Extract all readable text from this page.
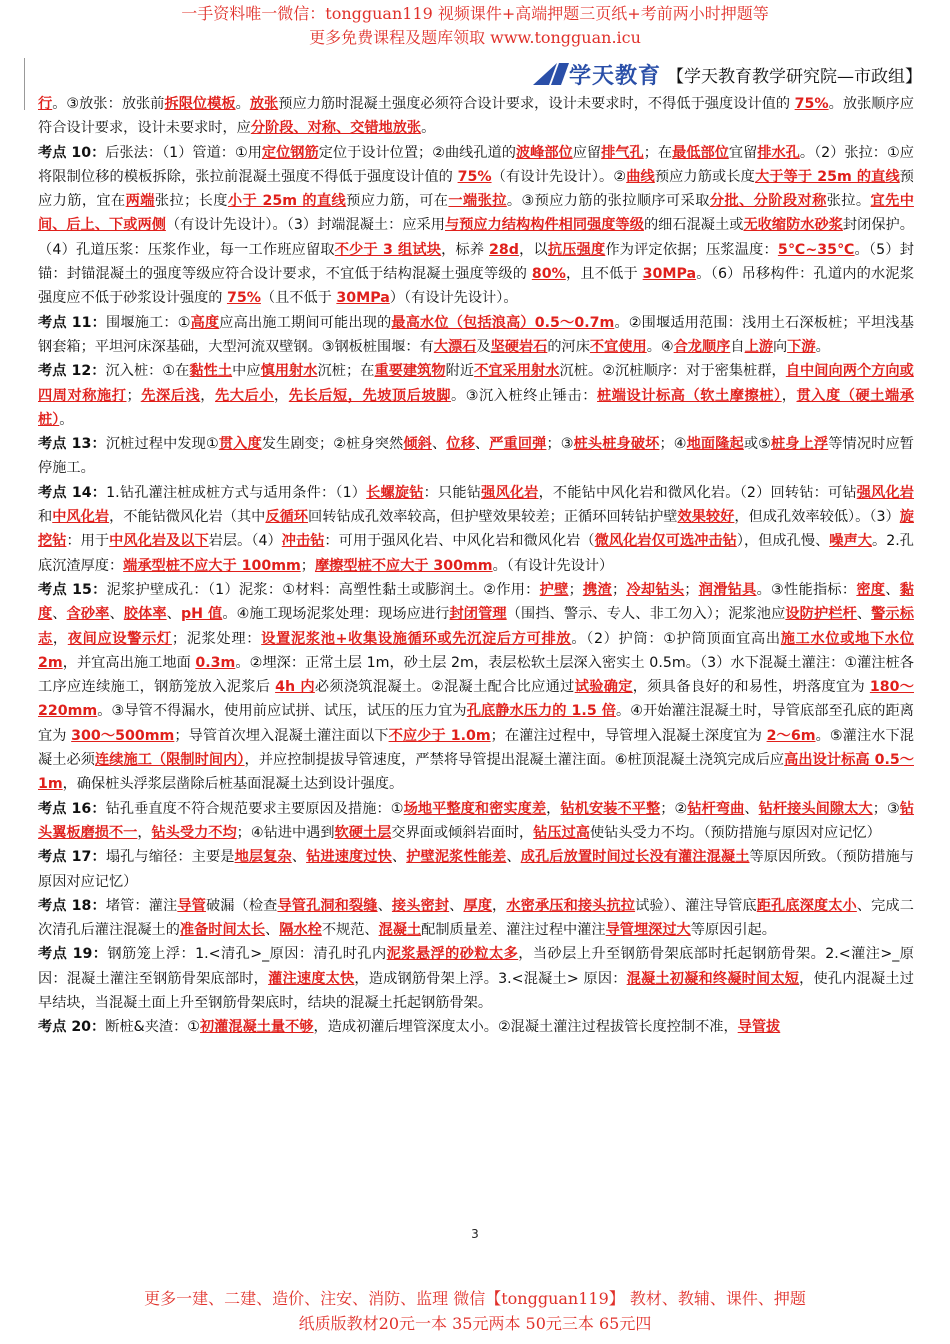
一手资料唯一微信：tongguan119 视频课件+高端押题三页纸+考前两小时押题等
更多免费课程及题库领取 www.tongguan.icu
学天教育 【学天教育教学研究院—市政组】

行。③放张：放张前拆限位模板。放张预应力筋时混凝土强度必须符合设计要求，设计未要求时，不得低于强度设计值的 75%。放张顺序应符合设计要求，设计未要求时，应分阶段、对称、交错地放张。

考点 10：后张法：（1）管道：①用定位钢筋定位于设计位置；②曲线孔道的波峰部位应留排气孔；在最低部位宜留排水孔。（2）张拉：①应将限制位移的模板拆除，张拉前混凝土强度不得低于强度设计值的 75%（有设计先设计）。②曲线预应力筋或长度大于等于 25m 的直线预应力筋，宜在两端张拉；长度小于 25m 的直线预应力筋，可在一端张拉。③预应力筋的张拉顺序可采取分批、分阶段对称张拉。宜先中间、后上、下或两侧（有设计先设计）。（3）封端混凝土：应采用与预应力结构构件相同强度等级的细石混凝土或无收缩防水砂浆封闭保护。（4）孔道压浆：压浆作业，每一工作班应留取不少于 3 组试块，标养 28d，以抗压强度作为评定依据；压浆温度：5℃~35℃。（5）封锚：封锚混凝土的强度等级应符合设计要求，不宜低于结构混凝土强度等级的 80%，且不低于 30MPa。（6）吊移构件：孔道内的水泥浆强度应不低于砂浆设计强度的 75%（且不低于 30MPa）（有设计先设计）。

考点 11：围堰施工：①高度应高出施工期间可能出现的最高水位（包括浪高）0.5～0.7m。②围堰适用范围：浅用土石深板桩；平坦浅基钢套箱；平坦河床深基础，大型河流双壁钢。③钢板桩围堰：有大漂石及坚硬岩石的河床不宜使用。④合龙顺序自上游向下游。

考点 12：沉入桩：①在黏性土中应慎用射水沉桩；在重要建筑物附近不宜采用射水沉桩。②沉桩顺序：对于密集桩群，自中间向两个方向或四周对称施打；先深后浅，先大后小，先长后短，先坡顶后坡脚。③沉入桩终止锤击：桩端设计标高（软土摩擦桩），贯入度（硬土端承桩）。

考点 13：沉桩过程中发现①贯入度发生剧变；②桩身突然倾斜、位移、严重回弹；③桩头桩身破坏；④地面隆起或⑤桩身上浮等情况时应暂停施工。

考点 14：1.钻孔灌注桩成桩方式与适用条件：（1）长螺旋钻：只能钻强风化岩，不能钻中风化岩和微风化岩。（2）回转钻：可钻强风化岩和中风化岩，不能钻微风化岩（其中反循环回转钻成孔效率较高，但护壁效果较差；正循环回转钻护壁效果较好，但成孔效率较低）。（3）旋挖钻：用于中风化岩及以下岩层。（4）冲击钻：可用于强风化岩、中风化岩和微风化岩（微风化岩仅可选冲击钻），但成孔慢、噪声大。2.孔底沉渣厚度：端承型桩不应大于 100mm；摩擦型桩不应大于 300mm。（有设计先设计）

考点 15：泥浆护壁成孔：（1）泥浆：①材料：高塑性黏土或膨润土。②作用：护壁；携渣；冷却钻头；润滑钻具。③性能指标：密度、黏度、含砂率、胶体率、pH 值。④施工现场泥浆处理：现场应进行封闭管理（围挡、警示、专人、非工勿入）；泥浆池应设防护栏杆、警示标志，夜间应设警示灯；泥浆处理：设置泥浆池+收集设施循环或先沉淀后方可排放。（2）护筒：①护筒顶面宜高出施工水位或地下水位 2m，并宜高出施工地面 0.3m。②埋深：正常土层 1m，砂土层 2m，表层松软土层深入密实土 0.5m。（3）水下混凝土灌注：①灌注桩各工序应连续施工，钢筋笼放入泥浆后 4h 内必须浇筑混凝土。②混凝土配合比应通过试验确定，须具备良好的和易性，坍落度宜为 180～220mm。③导管不得漏水，使用前应试拼、试压，试压的压力宜为孔底静水压力的 1.5 倍。④开始灌注混凝土时，导管底部至孔底的距离宜为 300～500mm；导管首次埋入混凝土灌注面以下不应少于 1.0m；在灌注过程中，导管埋入混凝土深度宜为 2～6m。⑤灌注水下混凝土必须连续施工（限制时间内），并应控制提拔导管速度，严禁将导管提出混凝土灌注面。⑥桩顶混凝土浇筑完成后应高出设计标高 0.5～1m，确保桩头浮浆层凿除后桩基面混凝土达到设计强度。

考点 16：钻孔垂直度不符合规范要求主要原因及措施：①场地平整度和密实度差，钻机安装不平整；②钻杆弯曲、钻杆接头间隙太大；③钻头翼板磨损不一，钻头受力不均；④钻进中遇到软硬土层交界面或倾斜岩面时，钻压过高使钻头受力不均。（预防措施与原因对应记忆）

考点 17：塌孔与缩径：主要是地层复杂、钻进速度过快、护壁泥浆性能差、成孔后放置时间过长没有灌注混凝土等原因所致。（预防措施与原因对应记忆）

考点 18：堵管：灌注导管破漏（检查导管孔洞和裂缝、接头密封、厚度，水密承压和接头抗拉试验）、灌注导管底距孔底深度太小、完成二次清孔后灌注混凝土的准备时间太长、隔水栓不规范、混凝土配制质量差、灌注过程中灌注导管埋深过大等原因引起。

考点 19：钢筋笼上浮：1.<清孔>_原因：清孔时孔内泥浆悬浮的砂粒太多，当砂层上升至钢筋骨架底部时托起钢筋骨架。2.<灌注>_原因：混凝土灌注至钢筋骨架底部时，灌注速度太快，造成钢筋骨架上浮。3.<混凝土> 原因：混凝土初凝和终凝时间太短，使孔内混凝土过早结块，当混凝土面上升至钢筋骨架底时，结块的混凝土托起钢筋骨架。

考点 20：断桩&夹渣：①初灌混凝土量不够，造成初灌后埋管深度太小。②混凝土灌注过程拔管长度控制不准，导管拔

3
更多一建、二建、造价、注安、消防、监理 微信【tongguan119】 教材、教辅、课件、押题
纸质版教材20元一本 35元两本 50元三本 65元四
